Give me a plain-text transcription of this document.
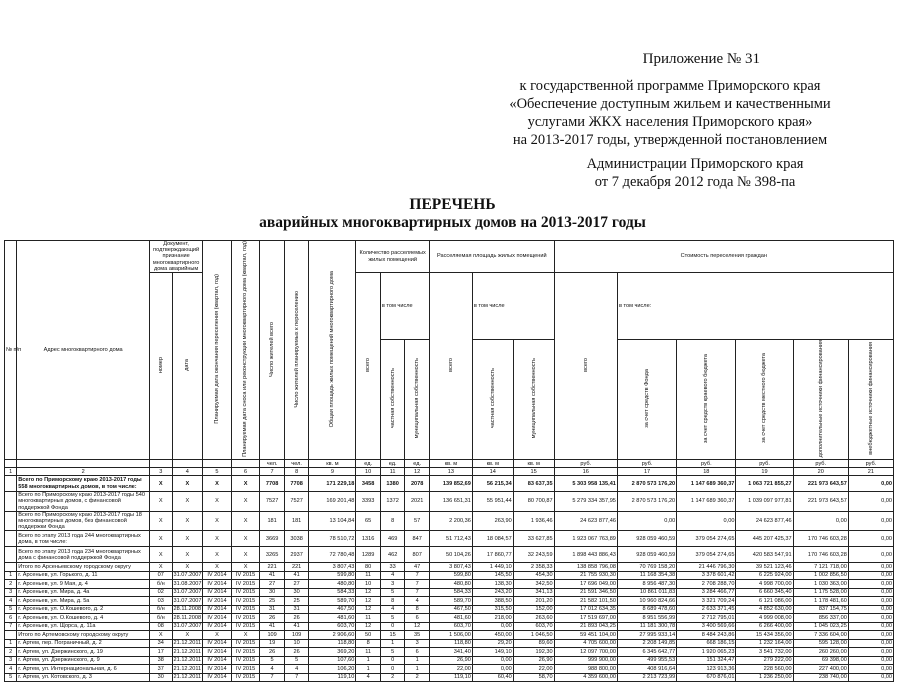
Приложение № 31
к государственной программе Приморского края
«Обеспечение доступным жильем и качественными
услугами ЖКХ населения Приморского края»
на 2013-2017 годы, утвержденной постановлением
Администрации Приморского края
от 7 декабря 2012 года № 398-па
ПЕРЕЧЕНЬ
аварийных многоквартирных домов на 2013-2017 годы
№ п/п	Адрес многоквартирного дома	Документ, подтверждающий признание многоквартирного дома аварийным		Планируемая дата окончания переселения (квартал, год)	Планируемая дата сноса или реконструкции многоквартирного дома (квартал, год)	Число жителей всего	Число жителей планируемых к переселению	Общая площадь жилых помещений многоквартирного дома	Количество расселяемых жилых помещений			Расселяемая площадь жилых помещений			Стоимость переселения граждан					
		номер	дата						всего	в том числе		всего	в том числе		всего	в том числе:				
										частная собственность	муниципальная собственность		частная собственность	муниципальная собственность		за счет средств Фонда	за счет средств краевого бюджета	за счет средств местного бюджета	дополнительные источники финансирования	внебюджетные источники финансирования
						чел.	чел.	кв. м	ед.	ед.	ед.	кв. м	кв. м	кв. м	руб.	руб.	руб.	руб.	руб.	руб.
1	2	3	4	5	6	7	8	9	10	11	12	13	14	15	16	17	18	19	20	21
	Всего по Приморскому краю 2013-2017 годы 558 многоквартирных домов, в том числе:	X	X	X	X	7708	7708	171 229,18	3458	1380	2078	139 852,69	56 215,34	83 637,35	5 303 958 135,41	2 870 573 176,20	1 147 689 360,37	1 063 721 855,27	221 973 643,57	0,00
	Всего по Приморскому краю 2013-2017 годы 540 многоквартирных домов, с финансовой поддержкой Фонда	X	X	X	X	7527	7527	169 201,48	3393	1372	2021	136 651,31	55 951,44	80 700,87	5 279 334 357,95	2 870 573 176,20	1 147 689 360,37	1 039 097 977,81	221 973 643,57	0,00
	Всего по Приморскому краю 2013-2017 годы 18 многоквартирных домов, без финансовой поддержки Фонда	X	X	X	X	181	181	13 104,84	65	8	57	2 200,36	263,90	1 936,46	24 623 877,46	0,00	0,00	24 623 877,46	0,00	0,00
	Всего по этапу 2013 года 244 многоквартирных дома, в том числе:	X	X	X	X	3669	3038	78 510,72	1316	469	847	51 712,43	18 084,57	33 627,85	1 923 067 763,89	928 059 460,59	379 054 274,65	445 207 425,37	170 746 603,28	0,00
	Всего по этапу 2013 года 234 многоквартирных дома с финансовой поддержкой Фонда	X	X	X	X	3265	2937	72 780,48	1289	462	807	50 104,26	17 860,77	32 243,59	1 898 443 886,43	928 059 460,59	379 054 274,65	420 583 547,91	170 746 603,28	0,00
	Итого по Арсеньевскому городскому округу	X	X	X	X	221	221	3 807,43	80	33	47	3 807,43	1 449,10	2 358,33	138 858 796,08	70 769 158,20	21 446 796,30	39 521 123,46	7 121 718,00	0,00
1	г. Арсеньев, ул. Горького, д. 11	07	31.07.2007	IV 2014	IV 2015	41	41	599,80	11	4	7	599,80	145,50	454,30	21 755 930,30	11 168 354,38	3 378 601,42	6 225 924,00	1 002 856,50	0,00
2	г. Арсеньев, ул. 9 Мая, д. 4	б/н	31.08.2007	IV 2014	IV 2015	27	27	480,80	10	3	7	480,80	138,30	342,50	17 696 049,00	8 956 487,30	2 708 288,70	4 998 700,00	1 030 363,00	0,00
3	г. Арсеньев, ул. Мира, д. 4а	02	31.07.2007	IV 2014	IV 2015	30	30	584,33	12	5	7	584,33	243,20	341,13	21 591 346,50	10 861 011,83	3 284 466,77	6 660 345,40	1 175 528,00	0,00
4	г. Арсеньев, ул. Мира, д. 5а	03	31.07.2007	IV 2014	IV 2015	25	25	589,70	12	8	4	589,70	388,50	201,20	21 582 101,50	10 960 824,66	3 321 709,24	6 121 086,00	1 178 481,60	0,00
5	г. Арсеньев, ул. О.Кошевого, д. 2	б/н	28.11.2008	IV 2014	IV 2015	31	31	467,50	12	4	8	467,50	315,50	152,00	17 012 634,35	8 689 478,60	2 633 371,45	4 852 630,00	837 154,75	0,00
6	г. Арсеньев, ул. О.Кошевого, д. 4	б/н	28.11.2008	IV 2014	IV 2015	26	26	481,60	11	5	6	481,60	218,00	263,60	17 519 697,00	8 951 556,99	2 712 795,01	4 999 008,00	856 337,00	0,00
7	г. Арсеньев, ул. Щорса, д. 11а	08	31.07.2007	IV 2014	IV 2015	41	41	603,70	12	0	12	603,70	0,00	603,70	21 893 043,25	11 181 300,78	3 400 569,66	6 266 400,00	1 045 023,25	0,00
	Итого по Артемовскому городскому округу	X	X	X	X	109	109	2 906,60	50	15	35	1 506,00	450,00	1 046,50	59 451 104,00	27 995 933,14	8 484 243,86	15 434 356,00	7 336 604,00	0,00
1	г. Артем, пер. Пограничный, д. 2	34	21.12.2011	IV 2014	IV 2015	19	10	118,80	8	1	3	118,80	29,20	89,60	4 705 600,00	2 208 149,85	668 186,15	1 232 164,00	595 128,00	0,00
2	г. Артем, ул. Дзержинского, д. 19	17	21.12.2011	IV 2014	IV 2015	26	26	369,20	11	5	6	341,40	149,10	192,30	12 097 700,00	6 345 642,77	1 920 065,23	3 541 732,00	260 260,00	0,00
3	г. Артем, ул. Дзержинского, д. 9	38	21.12.2011	IV 2014	IV 2015	5	5	107,60	1	0	1	26,90	0,00	26,90	999 900,00	499 955,53	151 324,47	279 222,00	69 398,00	0,00
4	г. Артем, ул. Интернациональная, д. 6	37	21.12.2011	IV 2014	IV 2015	4	4	106,20	1	0	1	22,00	0,00	22,00	988 800,00	408 916,64	123 913,36	228 560,00	227 400,00	0,00
5	г. Артем, ул. Котовского, д. 3	30	21.12.2011	IV 2014	IV 2015	7	7	119,10	4	2	2	119,10	60,40	58,70	4 359 600,00	2 213 723,99	670 876,01	1 236 250,00	238 740,00	0,00
